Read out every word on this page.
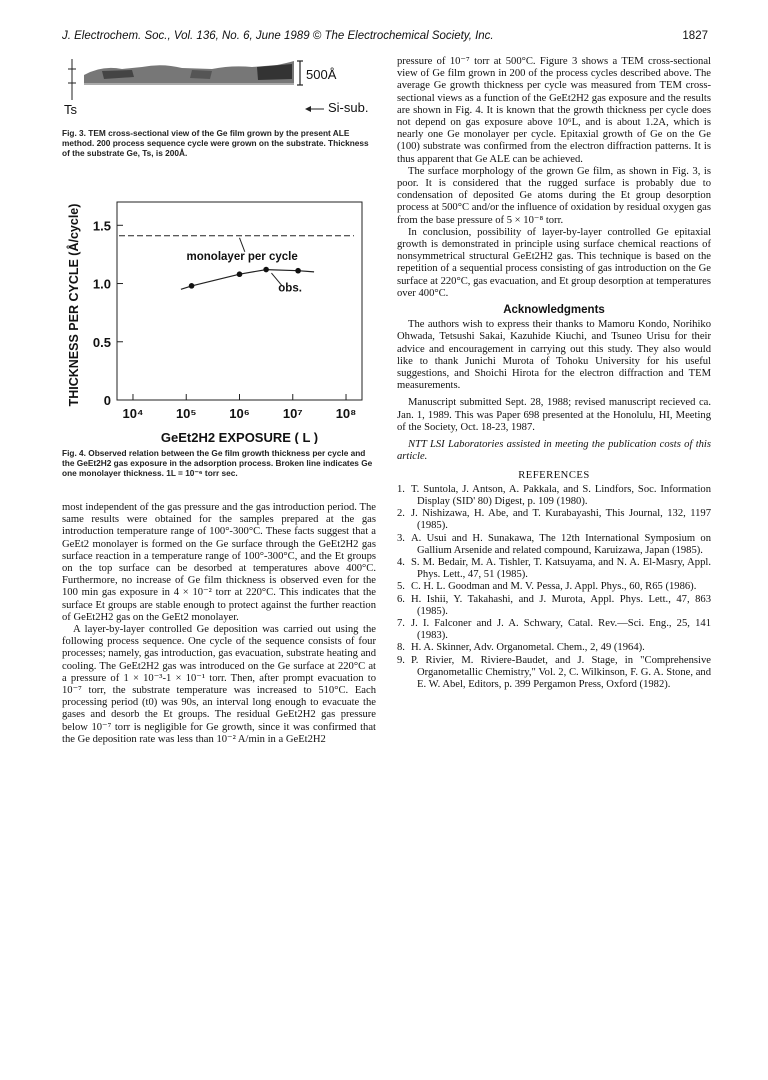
J. Electrochem. Soc., Vol. 136, No. 6, June 1989 © The Electrochemical Society, Inc.	1827
500Å
Ts	Si-sub.
Fig. 3. TEM cross-sectional view of the Ge film grown by the present ALE method. 200 process sequence cycle were grown on the substrate. Thickness of the substrate Ge, Ts, is 200Å.
0
0.5
1.0
1.5
10⁴	10⁵	10⁶	10⁷	10⁸
monolayer per cycle
obs.
GeEt2H2 EXPOSURE ( L )
THICKNESS PER CYCLE (Å/cycle)
Fig. 4. Observed relation between the Ge film growth thickness per cycle and the GeEt2H2 gas exposure in the adsorption process. Broken line indicates Ge one monolayer thickness. 1L = 10⁻⁶ torr sec.

most independent of the gas pressure and the gas introduction period. The same results were obtained for the samples prepared at the gas introduction temperature range of 100°-300°C. These facts suggest that a GeEt2 monolayer is formed on the Ge surface through the GeEt2H2 gas surface reaction in a temperature range of 100°-300°C, and the Et groups on the top surface can be desorbed at temperatures above 400°C. Furthermore, no increase of Ge film thickness is observed even for the 100 min gas exposure in 4 × 10⁻² torr at 220°C. This indicates that the surface Et groups are stable enough to protect against the further reaction of GeEt2H2 gas on the GeEt2 monolayer.

A layer-by-layer controlled Ge deposition was carried out using the following process sequence. One cycle of the sequence consists of four processes; namely, gas introduction, gas evacuation, substrate heating and cooling. The GeEt2H2 gas was introduced on the Ge surface at 220°C at a pressure of 1 × 10⁻³-1 × 10⁻¹ torr. Then, after prompt evacuation to 10⁻⁷ torr, the substrate temperature was increased to 510°C. Each processing period (t0) was 90s, an interval long enough to evacuate the gases and desorb the Et groups. The residual GeEt2H2 gas pressure below 10⁻⁷ torr is negligible for Ge growth, since it was confirmed that the Ge deposition rate was less than 10⁻² A/min in a GeEt2H2

pressure of 10⁻⁷ torr at 500°C. Figure 3 shows a TEM cross-sectional view of Ge film grown in 200 of the process cycles described above. The average Ge growth thickness per cycle was measured from TEM cross-sectional views as a function of the GeEt2H2 gas exposure and the results are shown in Fig. 4. It is known that the growth thickness per cycle does not depend on gas exposure above 10⁶L, and is about 1.2A, which is nearly one Ge monolayer per cycle. Epitaxial growth of Ge on the Ge (100) substrate was confirmed from the electron diffraction patterns. It is thus apparent that Ge ALE can be achieved.

The surface morphology of the grown Ge film, as shown in Fig. 3, is poor. It is considered that the rugged surface is probably due to condensation of deposited Ge atoms during the Et group desorption process at 500°C and/or the influence of oxidation by residual oxygen gas from the base pressure of 5 × 10⁻⁸ torr.

In conclusion, possibility of layer-by-layer controlled Ge epitaxial growth is demonstrated in principle using surface chemical reactions of nonsymmetrical structural GeEt2H2 gas. This technique is based on the repetition of a sequential process consisting of gas introduction on the Ge surface at 220°C, gas evacuation, and Et group desorption at temperatures over 400°C.

Acknowledgments

The authors wish to express their thanks to Mamoru Kondo, Norihiko Ohwada, Tetsushi Sakai, Kazuhide Kiuchi, and Tsuneo Urisu for their advice and encouragement in carrying out this study. They also would like to thank Junichi Murota of Tohoku University for his useful suggestions, and Shoichi Hirota for the electron diffraction and TEM measurements.

Manuscript submitted Sept. 28, 1988; revised manuscript recieved ca. Jan. 1, 1989. This was Paper 698 presented at the Honolulu, HI, Meeting of the Society, Oct. 18-23, 1987.

NTT LSI Laboratories assisted in meeting the publication costs of this article.

REFERENCES
1. T. Suntola, J. Antson, A. Pakkala, and S. Lindfors, Soc. Information Display (SID' 80) Digest, p. 109 (1980).
2. J. Nishizawa, H. Abe, and T. Kurabayashi, This Journal, 132, 1197 (1985).
3. A. Usui and H. Sunakawa, The 12th International Symposium on Gallium Arsenide and related compound, Karuizawa, Japan (1985).
4. S. M. Bedair, M. A. Tishler, T. Katsuyama, and N. A. El-Masry, Appl. Phys. Lett., 47, 51 (1985).
5. C. H. L. Goodman and M. V. Pessa, J. Appl. Phys., 60, R65 (1986).
6. H. Ishii, Y. Takahashi, and J. Murota, Appl. Phys. Lett., 47, 863 (1985).
7. J. I. Falconer and J. A. Schwary, Catal. Rev.—Sci. Eng., 25, 141 (1983).
8. H. A. Skinner, Adv. Organometal. Chem., 2, 49 (1964).
9. P. Rivier, M. Riviere-Baudet, and J. Stage, in "Comprehensive Organometallic Chemistry," Vol. 2, C. Wilkinson, F. G. A. Stone, and E. W. Abel, Editors, p. 399 Pergamon Press, Oxford (1982).
